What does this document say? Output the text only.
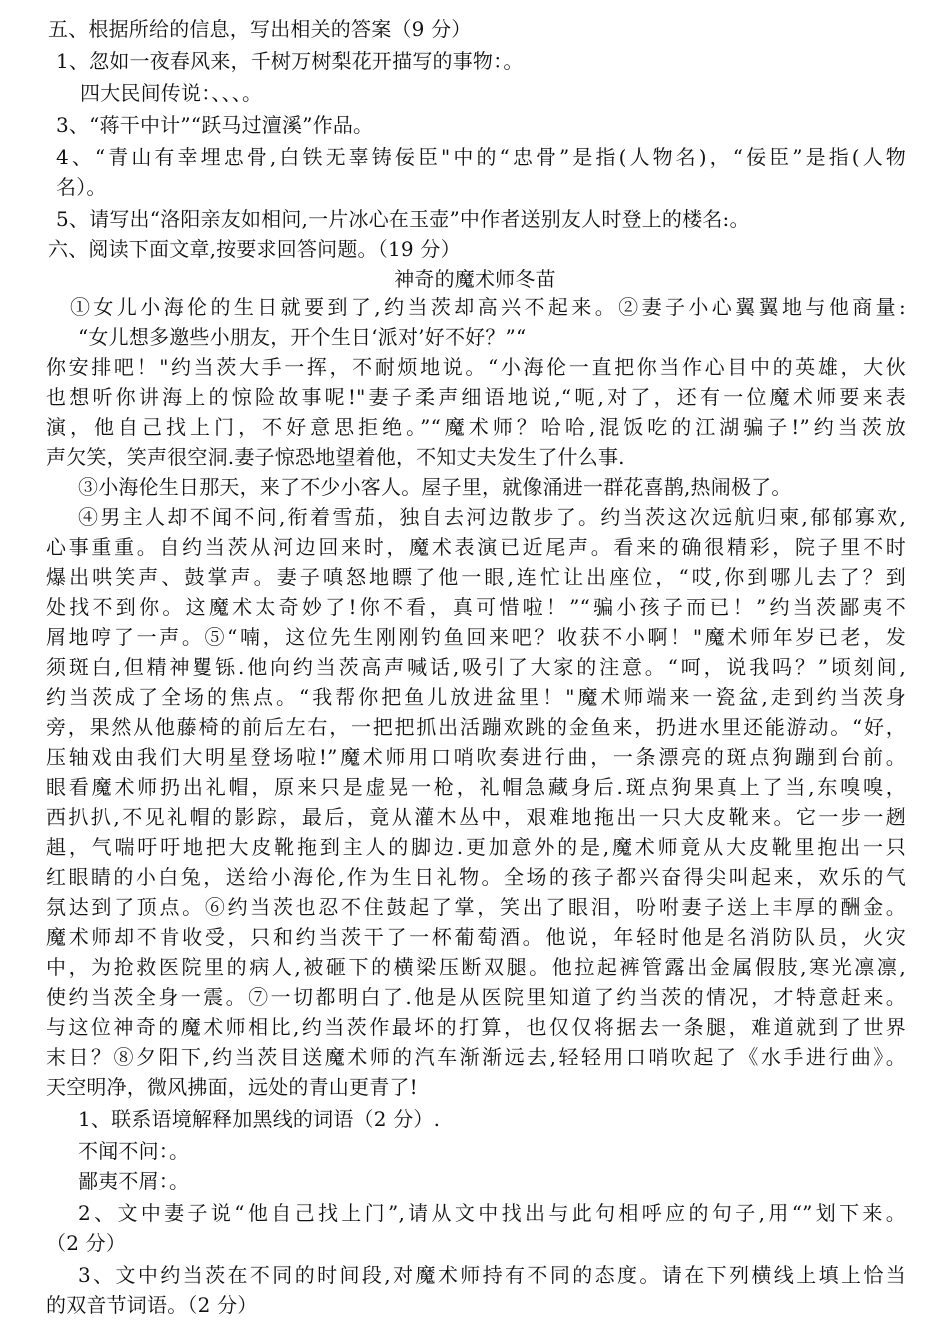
五、根据所给的信息，写出相关的答案（9 分）
1、忽如一夜春风来，千树万树梨花开描写的事物：。
四大民间传说：、、、。
3、“蒋干中计”“跃马过澶溪”作品。
4、“青山有幸埋忠骨,白铁无辜铸佞臣"中的“忠骨”是指(人物名)，“佞臣”是指(人物
名）。
5、请写出“洛阳亲友如相问,一片冰心在玉壶”中作者送别友人时登上的楼名:。
六、阅读下面文章,按要求回答问题。（19 分）
神奇的魔术师冬苗
①女儿小海伦的生日就要到了,约当茨却高兴不起来。②妻子小心翼翼地与他商量:
“女儿想多邀些小朋友，开个生日‘派对’好不好？”“
你安排吧！"约当茨大手一挥，不耐烦地说。“小海伦一直把你当作心目中的英雄，大伙
也想听你讲海上的惊险故事呢!"妻子柔声细语地说,“呃,对了，还有一位魔术师要来表
演，他自己找上门，不好意思拒绝。”“魔术师？哈哈,混饭吃的江湖骗子!”约当茨放
声欠笑，笑声很空洞.妻子惊恐地望着他，不知丈夫发生了什么事.
③小海伦生日那天，来了不少小客人。屋子里，就像涌进一群花喜鹊,热闹极了。
④男主人却不闻不问,衔着雪茄，独自去河边散步了。约当茨这次远航归柬,郁郁寡欢,
心事重重。自约当茨从河边回来时，魔术表演已近尾声。看来的确很精彩，院子里不时
爆出哄笑声、鼓掌声。妻子嗔怒地瞟了他一眼,连忙让出座位，“哎,你到哪儿去了？到
处找不到你。这魔术太奇妙了!你不看，真可惜啦！”“骗小孩子而已！”约当茨鄙夷不
屑地哼了一声。⑤“喃，这位先生刚刚钓鱼回来吧？收获不小啊！"魔术师年岁已老，发
须斑白,但精神矍铄.他向约当茨高声喊话,吸引了大家的注意。“呵，说我吗？”顷刻间,
约当茨成了全场的焦点。“我帮你把鱼儿放进盆里！"魔术师端来一瓷盆,走到约当茨身
旁，果然从他藤椅的前后左右，一把把抓出活蹦欢跳的金鱼来，扔进水里还能游动。“好，
压轴戏由我们大明星登场啦!”魔术师用口哨吹奏进行曲，一条漂亮的斑点狗蹦到台前。
眼看魔术师扔出礼帽，原来只是虚晃一枪，礼帽急藏身后.斑点狗果真上了当,东嗅嗅，
西扒扒,不见礼帽的影踪，最后，竟从灌木丛中，艰难地拖出一只大皮靴来。它一步一趔
趄，气喘吁吁地把大皮靴拖到主人的脚边.更加意外的是,魔术师竟从大皮靴里抱出一只
红眼睛的小白兔，送给小海伦,作为生日礼物。全场的孩子都兴奋得尖叫起来，欢乐的气
氛达到了顶点。⑥约当茨也忍不住鼓起了掌，笑出了眼泪，吩咐妻子送上丰厚的酬金。
魔术师却不肯收受，只和约当茨干了一杯葡萄酒。他说，年轻时他是名消防队员，火灾
中，为抢救医院里的病人,被砸下的横梁压断双腿。他拉起裤管露出金属假肢,寒光凛凛,
使约当茨全身一震。⑦一切都明白了.他是从医院里知道了约当茨的情况，才特意赶来。
与这位神奇的魔术师相比,约当茨作最坏的打算，也仅仅将据去一条腿，难道就到了世界
末日？⑧夕阳下,约当茨目送魔术师的汽车渐渐远去,轻轻用口哨吹起了《水手进行曲》。
天空明净，微风拂面，远处的青山更青了!
1、联系语境解释加黑线的词语（2 分）.
不闻不问：。
鄙夷不屑：。
2、文中妻子说“他自己找上门”,请从文中找出与此句相呼应的句子,用“”划下来。
（2 分）
3、文中约当茨在不同的时间段,对魔术师持有不同的态度。请在下列横线上填上恰当
的双音节词语。（2 分）
